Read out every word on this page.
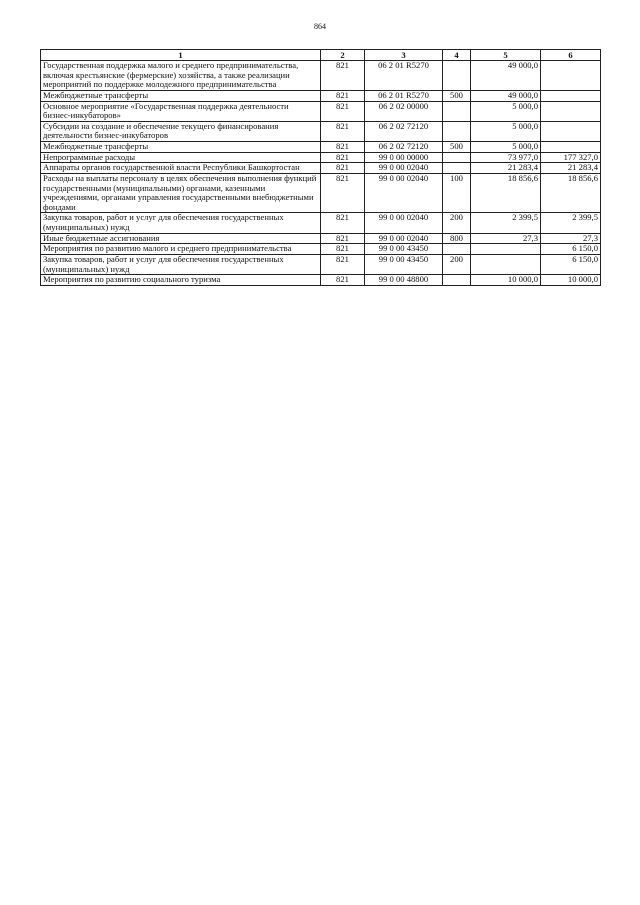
864
1	2	3	4	5	6
Государственная поддержка малого и среднего предпринимательства, включая крестьянские (фермерские) хозяйства, а также реализации мероприятий по поддержке молодежного предпринимательства	821	06 2 01 R5270		49 000,0	
Межбюджетные трансферты	821	06 2 01 R5270	500	49 000,0	
Основное мероприятие «Государственная поддержка деятельности бизнес-инкубаторов»	821	06 2 02 00000		5 000,0	
Субсидии на создание и обеспечение текущего финансирования деятельности бизнес-инкубаторов	821	06 2 02 72120		5 000,0	
Межбюджетные трансферты	821	06 2 02 72120	500	5 000,0	
Непрограммные расходы	821	99 0 00 00000		73 977,0	177 327,0
Аппараты органов государственной власти Республики Башкортостан	821	99 0 00 02040		21 283,4	21 283,4
Расходы на выплаты персоналу в целях обеспечения выполнения функций государственными (муниципальными) органами, казенными учреждениями, органами управления государственными внебюджетными фондами	821	99 0 00 02040	100	18 856,6	18 856,6
Закупка товаров, работ и услуг для обеспечения государственных (муниципальных) нужд	821	99 0 00 02040	200	2 399,5	2 399,5
Иные бюджетные ассигнования	821	99 0 00 02040	800	27,3	27,3
Мероприятия по развитию малого и среднего предпринимательства	821	99 0 00 43450			6 150,0
Закупка товаров, работ и услуг для обеспечения государственных (муниципальных) нужд	821	99 0 00 43450	200		6 150,0
Мероприятия по развитию социального туризма	821	99 0 00 48800		10 000,0	10 000,0
